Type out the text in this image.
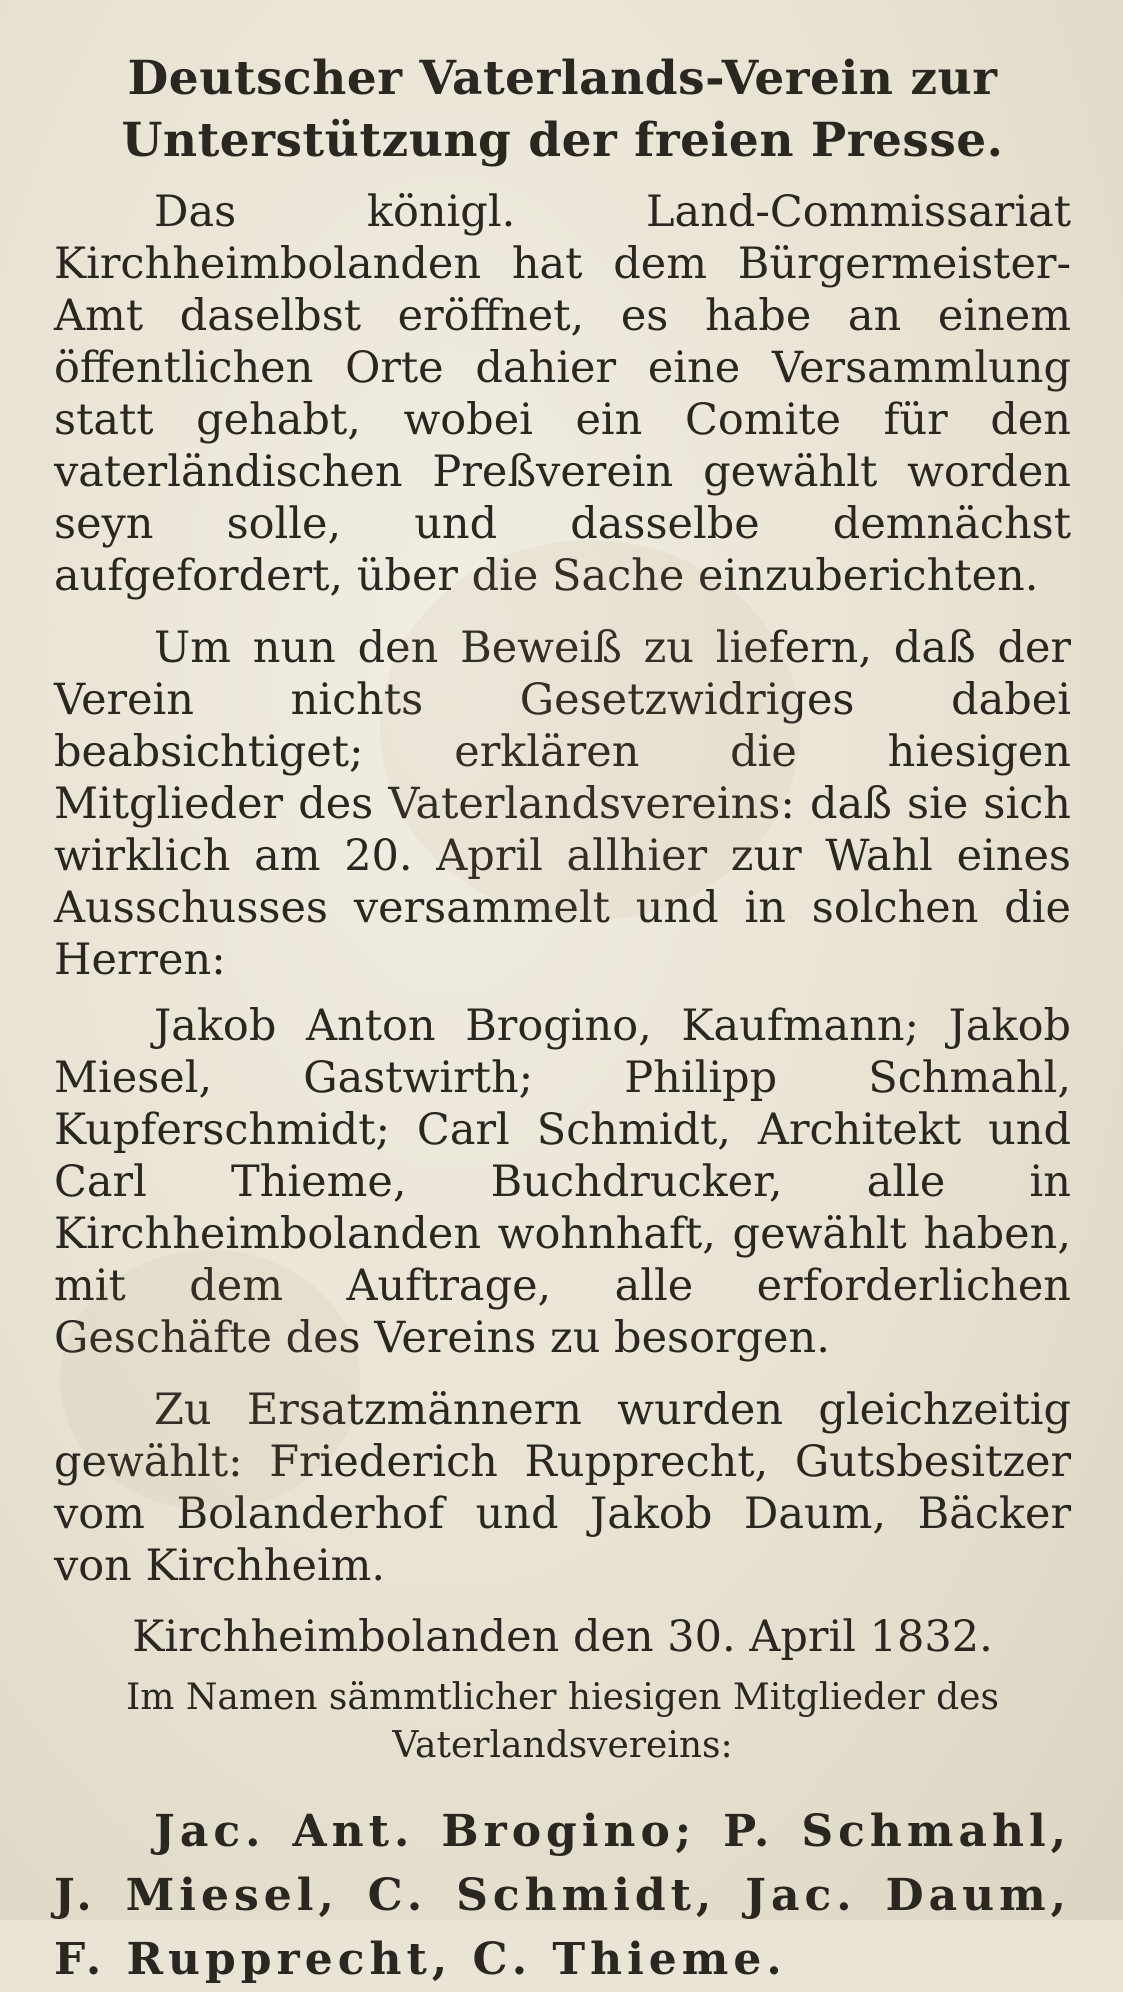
Deutscher Vaterlands-Verein zur Unterstützung der freien Presse.

Das königl. Land-Commissariat Kirchheimbolanden hat dem Bürgermeister-Amt daselbst eröffnet, es habe an einem öffentlichen Orte dahier eine Versammlung statt gehabt, wobei ein Comite für den vaterländischen Preßverein gewählt worden seyn solle, und dasselbe demnächst aufgefordert, über die Sache einzuberichten.

Um nun den Beweiß zu liefern, daß der Verein nichts Gesetzwidriges dabei beabsichtiget; erklären die hiesigen Mitglieder des Vaterlandsvereins: daß sie sich wirklich am 20. April allhier zur Wahl eines Ausschusses versammelt und in solchen die Herren:

Jakob Anton Brogino, Kaufmann; Jakob Miesel, Gastwirth; Philipp Schmahl, Kupferschmidt; Carl Schmidt, Architekt und Carl Thieme, Buchdrucker, alle in Kirchheimbolanden wohnhaft, gewählt haben, mit dem Auftrage, alle erforderlichen Geschäfte des Vereins zu besorgen.

Zu Ersatzmännern wurden gleichzeitig gewählt: Friederich Rupprecht, Gutsbesitzer vom Bolanderhof und Jakob Daum, Bäcker von Kirchheim.

Kirchheimbolanden den 30. April 1832.

Im Namen sämmtlicher hiesigen Mitglieder des Vaterlandsvereins:

Jac. Ant. Brogino; P. Schmahl, J. Miesel, C. Schmidt, Jac. Daum, F. Rupprecht, C. Thieme.
